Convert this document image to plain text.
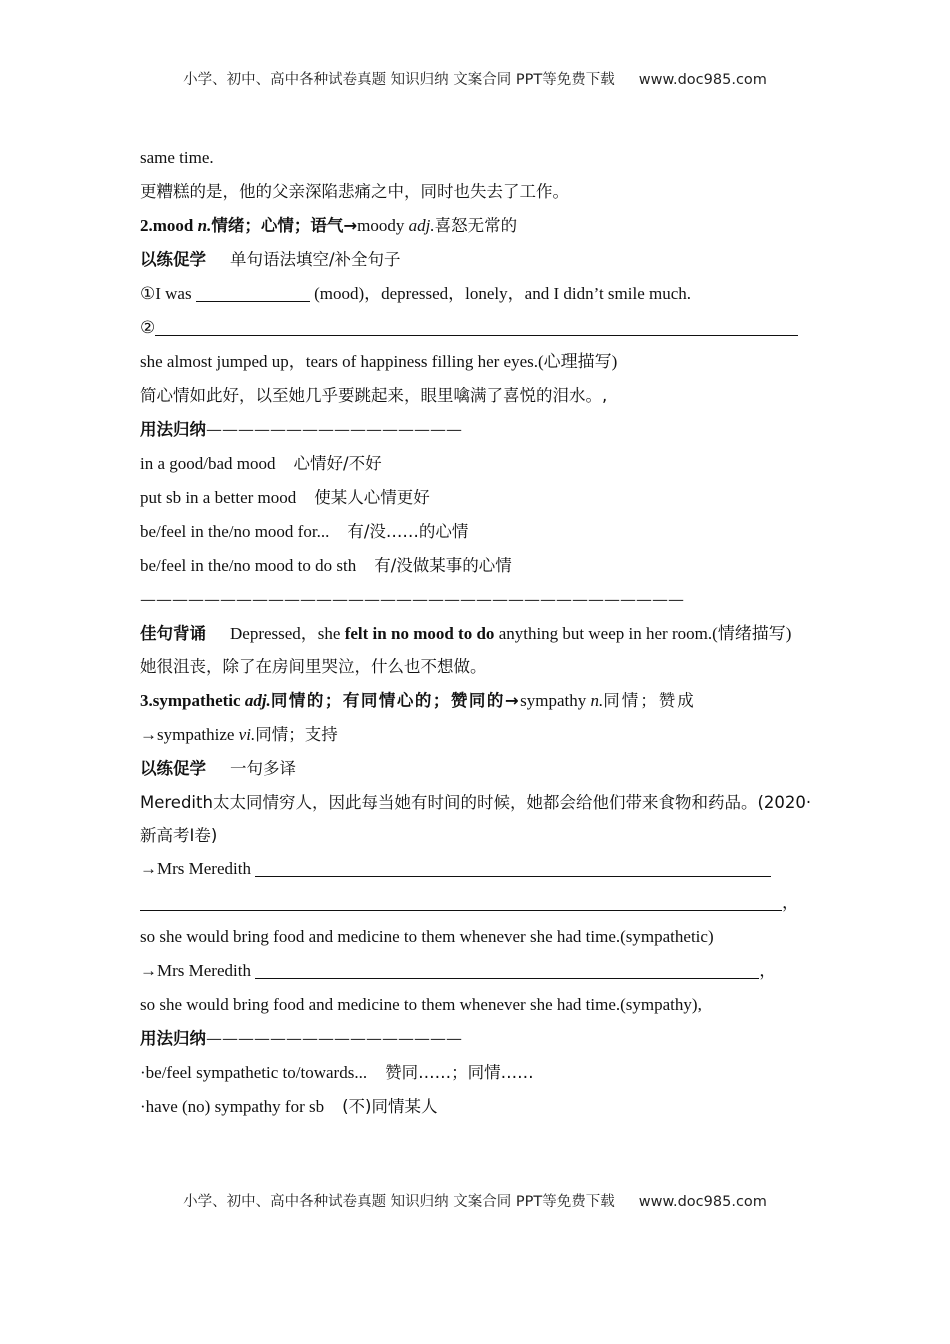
小学、初中、高中各种试卷真题 知识归纳 文案合同 PPT等免费下载 www.doc985.com
same time.
更糟糕的是，他的父亲深陷悲痛之中，同时也失去了工作。
2.mood n.情绪；心情；语气→moody adj.喜怒无常的
以练促学 单句语法填空/补全句子
①I was	(mood)，depressed，lonely，and I didn’t smile much.
②
she almost jumped up，tears of happiness filling her eyes.(心理描写)
简心情如此好，以至她几乎要跳起来，眼里噙满了喜悦的泪水。,
用法归纳————————————————
in a good/bad mood 心情好/不好
put sb in a better mood 使某人心情更好
be/feel in the/no mood for... 有/没……的心情
be/feel in the/no mood to do sth 有/没做某事的心情
——————————————————————————————————
佳句背诵 Depressed，she felt in no mood to do anything but weep in her room.(情绪描写)
她很沮丧，除了在房间里哭泣，什么也不想做。
3.sympathetic adj.同情的；有同情心的；赞同的→sympathy n.同情；赞成
→sympathize vi.同情；支持
以练促学 一句多译
Meredith太太同情穷人，因此每当她有时间的时候，她都会给他们带来食物和药品。(2020·新高考Ⅰ卷)
→Mrs Meredith
，
so she would bring food and medicine to them whenever she had time.(sympathetic)
→Mrs Meredith	，
so she would bring food and medicine to them whenever she had time.(sympathy),
用法归纳————————————————
·be/feel sympathetic to/towards... 赞同……；同情……
·have (no) sympathy for sb (不)同情某人
小学、初中、高中各种试卷真题 知识归纳 文案合同 PPT等免费下载 www.doc985.com
